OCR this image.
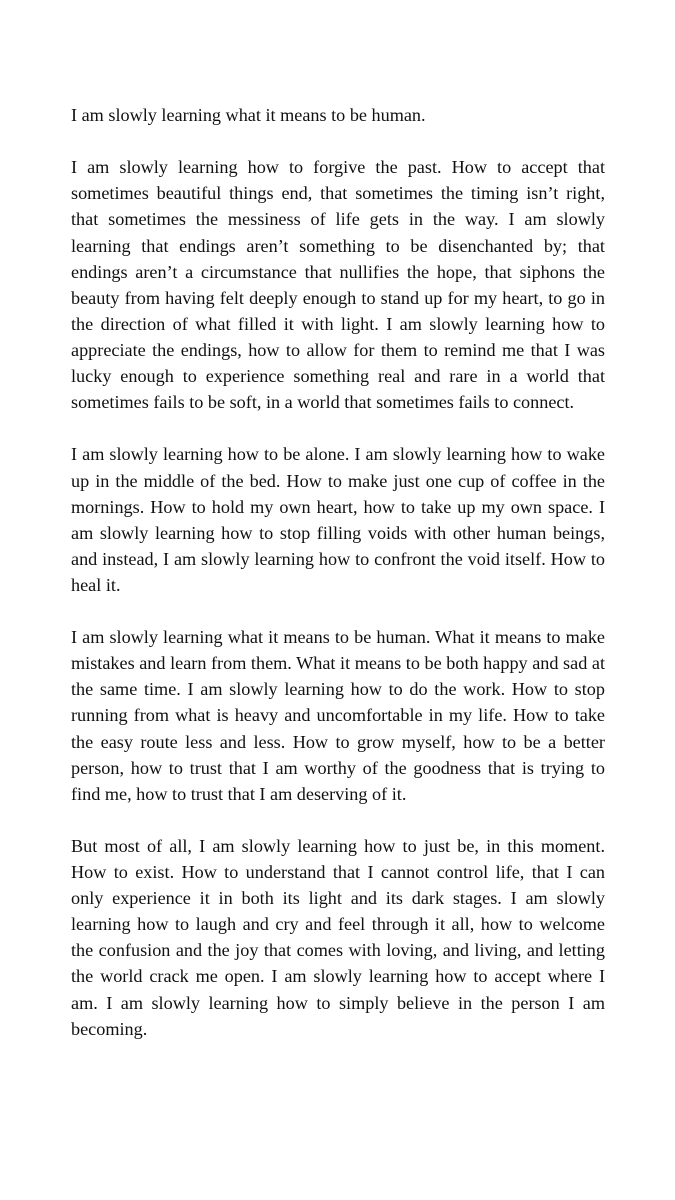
I am slowly learning what it means to be human.

I am slowly learning how to forgive the past. How to accept that sometimes beautiful things end, that sometimes the timing isn’t right, that sometimes the messiness of life gets in the way. I am slowly learning that endings aren’t something to be disenchanted by; that endings aren’t a circumstance that nullifies the hope, that siphons the beauty from having felt deeply enough to stand up for my heart, to go in the direction of what filled it with light. I am slowly learning how to appreciate the endings, how to allow for them to remind me that I was lucky enough to experience something real and rare in a world that sometimes fails to be soft, in a world that sometimes fails to connect.

I am slowly learning how to be alone. I am slowly learning how to wake up in the middle of the bed. How to make just one cup of coffee in the mornings. How to hold my own heart, how to take up my own space. I am slowly learning how to stop filling voids with other human beings, and instead, I am slowly learning how to confront the void itself. How to heal it.

I am slowly learning what it means to be human. What it means to make mistakes and learn from them. What it means to be both happy and sad at the same time. I am slowly learning how to do the work. How to stop running from what is heavy and uncomfortable in my life. How to take the easy route less and less. How to grow myself, how to be a better person, how to trust that I am worthy of the goodness that is trying to find me, how to trust that I am deserving of it.

But most of all, I am slowly learning how to just be, in this moment. How to exist. How to understand that I cannot control life, that I can only experience it in both its light and its dark stages. I am slowly learning how to laugh and cry and feel through it all, how to welcome the confusion and the joy that comes with loving, and living, and letting the world crack me open. I am slowly learning how to accept where I am. I am slowly learning how to simply believe in the person I am becoming.
